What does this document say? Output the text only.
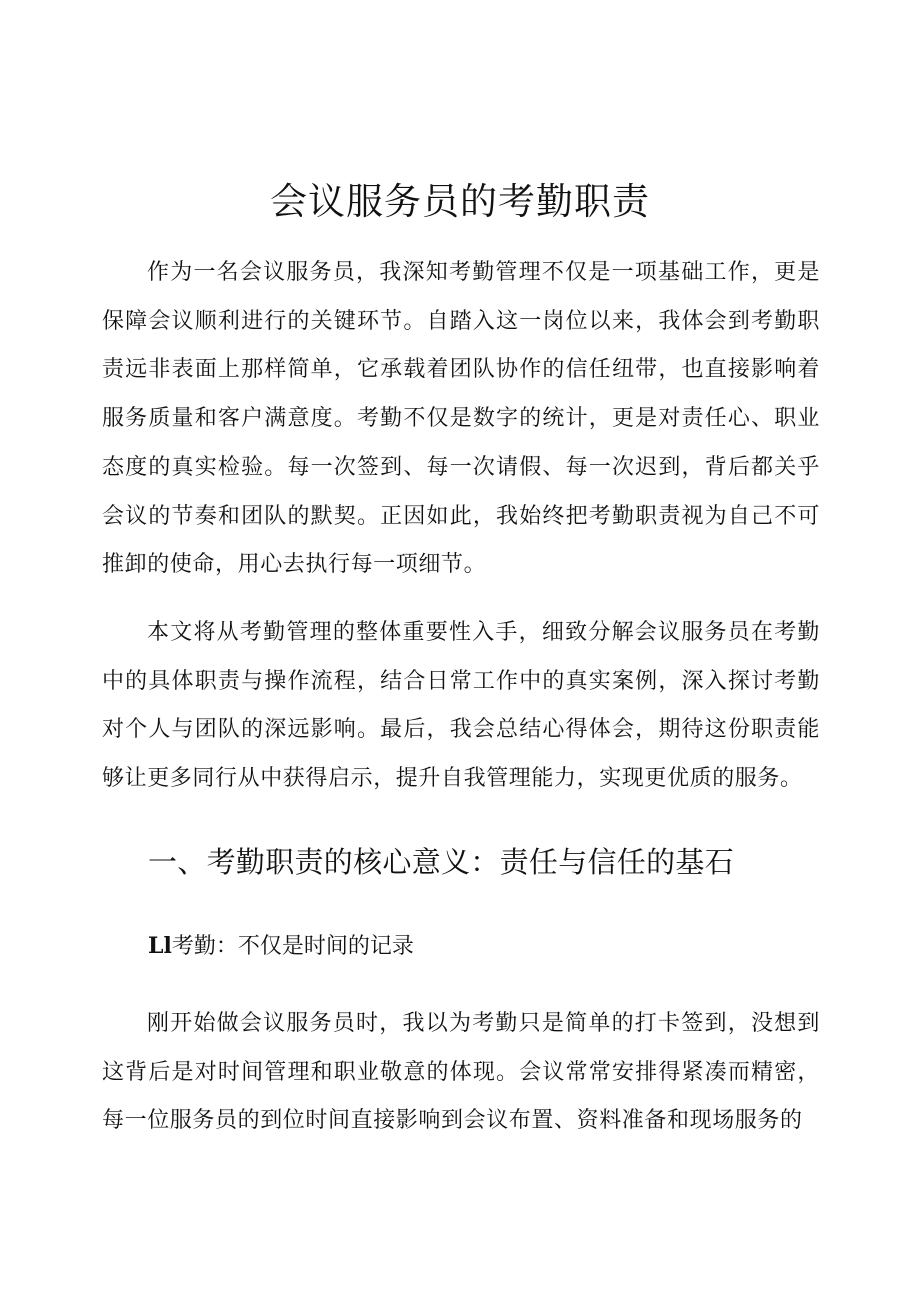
会议服务员的考勤职责

作为一名会议服务员，我深知考勤管理不仅是一项基础工作，更是保障会议顺利进行的关键环节。自踏入这一岗位以来，我体会到考勤职责远非表面上那样简单，它承载着团队协作的信任纽带，也直接影响着服务质量和客户满意度。考勤不仅是数字的统计，更是对责任心、职业态度的真实检验。每一次签到、每一次请假、每一次迟到，背后都关乎会议的节奏和团队的默契。正因如此，我始终把考勤职责视为自己不可推卸的使命，用心去执行每一项细节。

本文将从考勤管理的整体重要性入手，细致分解会议服务员在考勤中的具体职责与操作流程，结合日常工作中的真实案例，深入探讨考勤对个人与团队的深远影响。最后，我会总结心得体会，期待这份职责能够让更多同行从中获得启示，提升自我管理能力，实现更优质的服务。

一、考勤职责的核心意义：责任与信任的基石
Ll考勤：不仅是时间的记录

刚开始做会议服务员时，我以为考勤只是简单的打卡签到，没想到这背后是对时间管理和职业敬意的体现。会议常常安排得紧凑而精密，每一位服务员的到位时间直接影响到会议布置、资料准备和现场服务的
